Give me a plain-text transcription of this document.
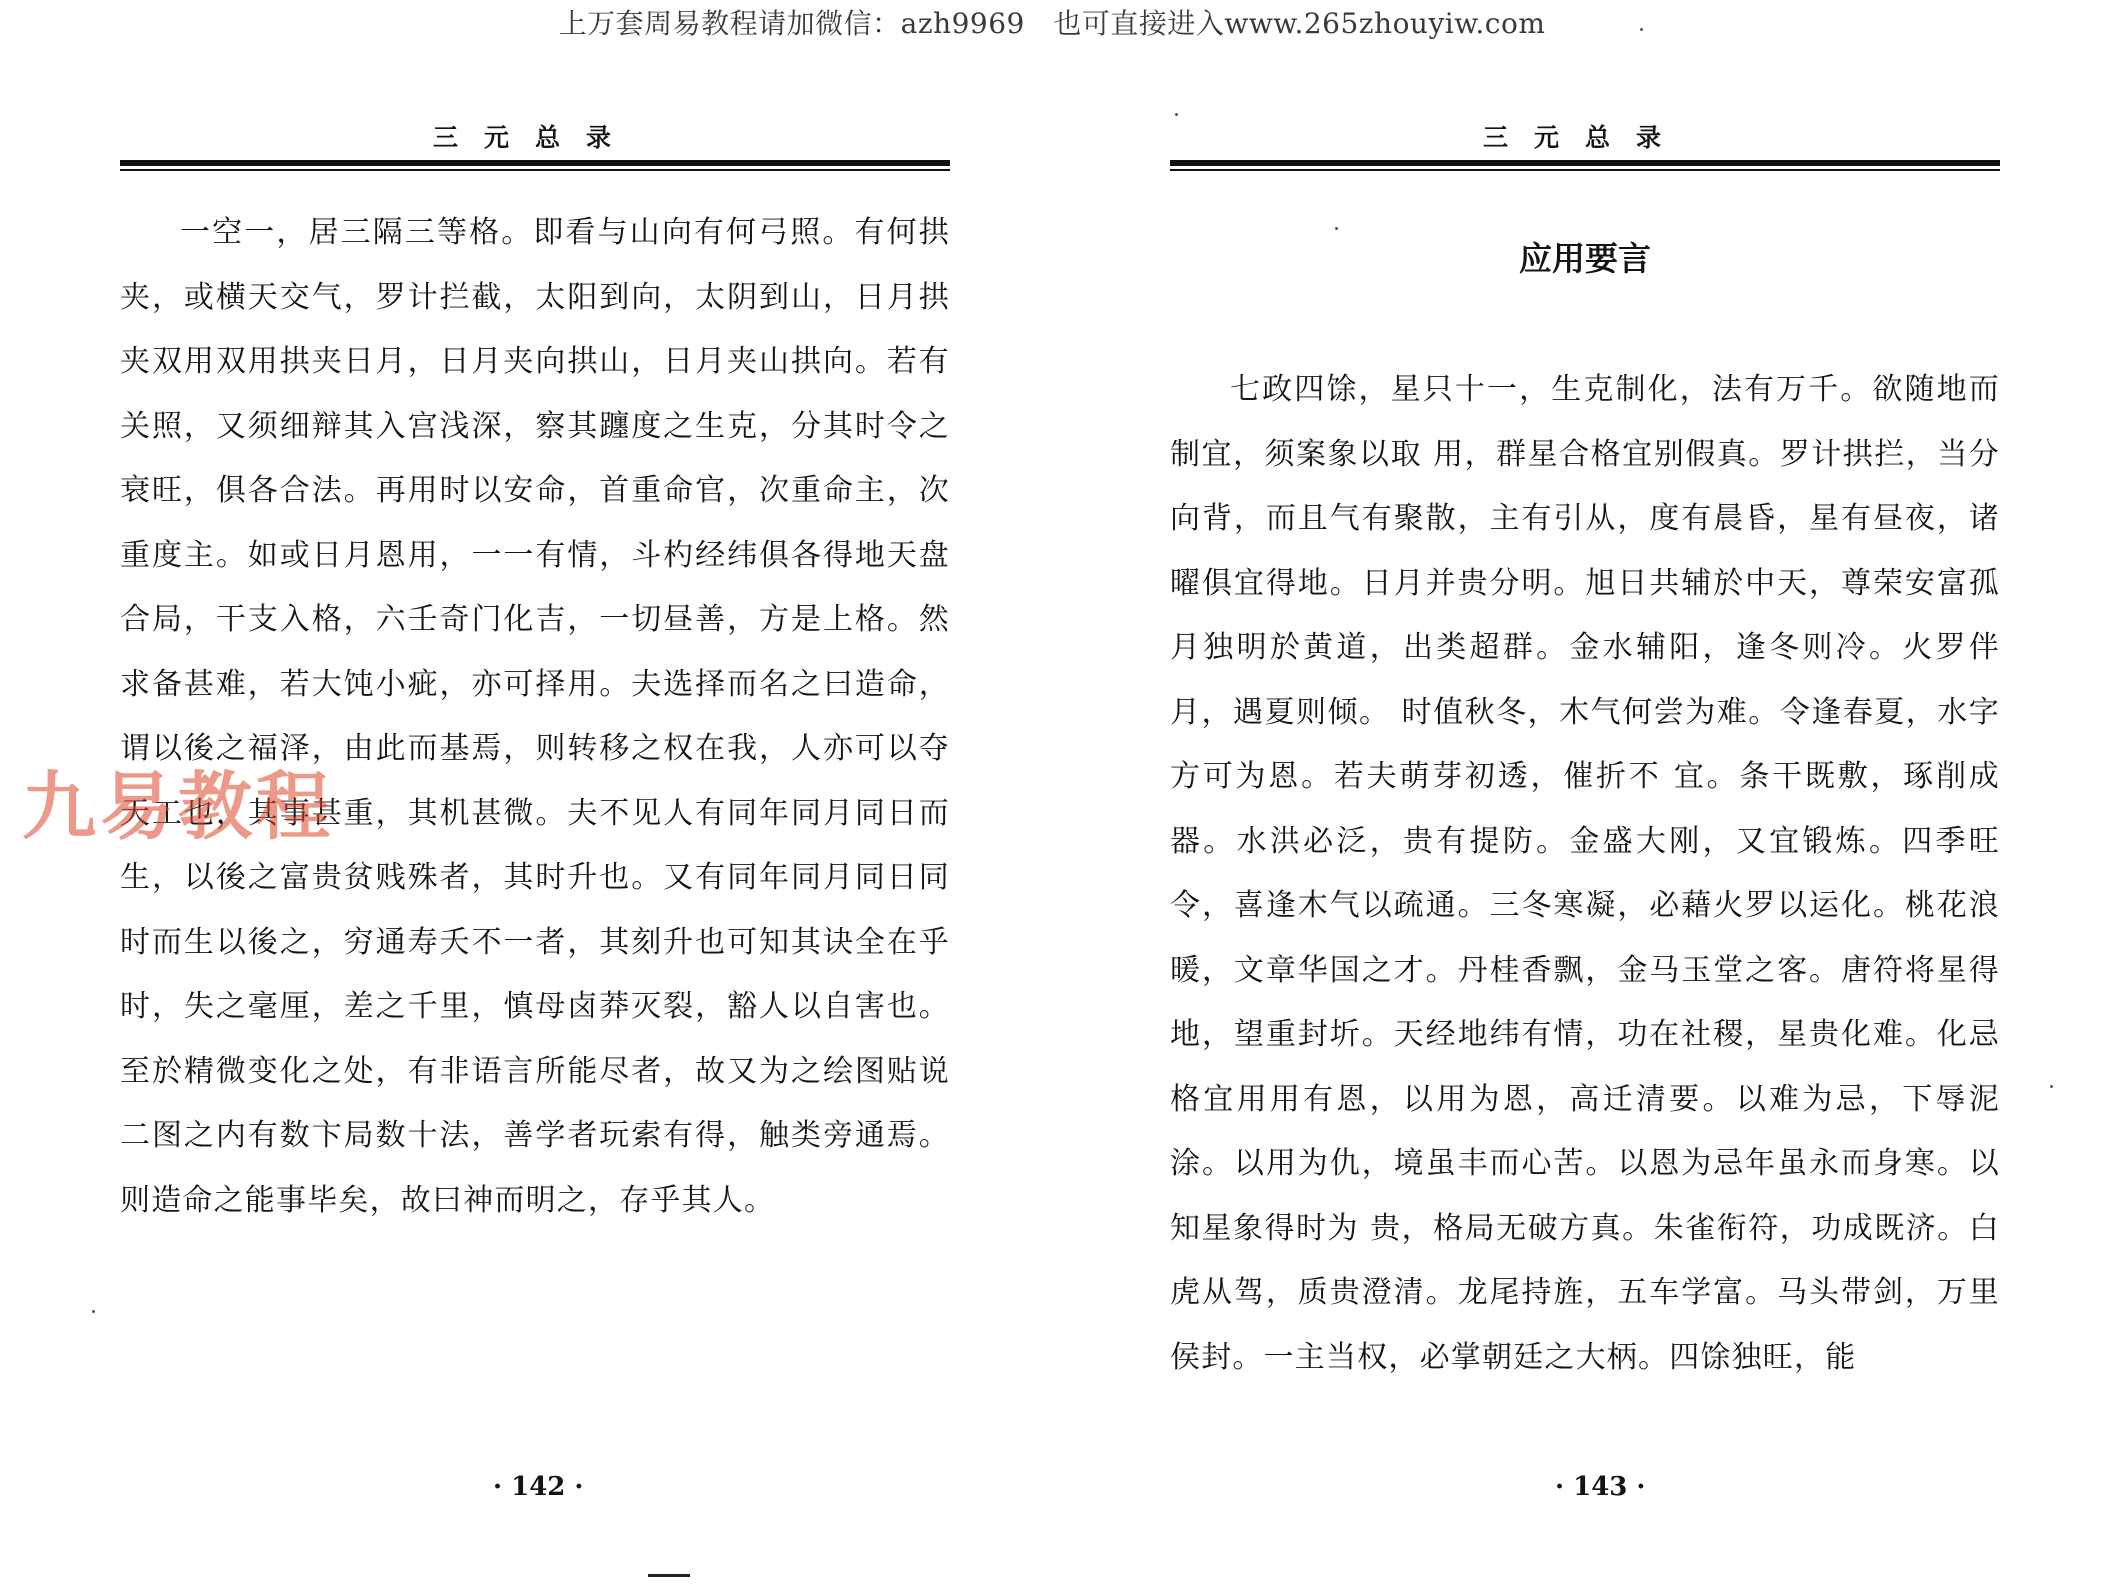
上万套周易教程请加微信：azh9969　也可直接进入www.265zhouyiw.com
三元总录
一空一，居三隔三等格。即看与山向有何弓照。有何拱夹，或横天交气，罗计拦截，太阳到向，太阴到山，日月拱夹双用双用拱夹日月，日月夹向拱山，日月夹山拱向。若有关照，又须细辩其入宫浅深，察其躔度之生克，分其时令之衰旺，俱各合法。再用时以安命，首重命官，次重命主，次重度主。如或日月恩用，一一有情，斗杓经纬俱各得地天盘合局，干支入格，六壬奇门化吉，一切昼善，方是上格。然求备甚难，若大饨小疵，亦可择用。夫选择而名之曰造命，谓以後之福泽，由此而基焉，则转移之权在我，人亦可以夺天工也，其事甚重，其机甚微。夫不见人有同年同月同日而生，以後之富贵贫贱殊者，其时升也。又有同年同月同日同时而生以後之，穷通寿夭不一者，其刻升也可知其诀全在乎时，失之毫厘，差之千里，慎母卤莽灭裂，豁人以自害也。至於精微变化之处，有非语言所能尽者，故又为之绘图贴说二图之内有数卞局数十法，善学者玩索有得，触类旁通焉。则造命之能事毕矣，故曰神而明之，存乎其人。
三元总录
应用要言
七政四馀，星只十一，生克制化，法有万千。欲随地而制宜，须案象以取 用，群星合格宜别假真。罗计拱拦，当分向背，而且气有聚散，主有引从，度有晨昏，星有昼夜，诸曜俱宜得地。日月并贵分明。旭日共辅於中天，尊荣安富孤月独明於黄道，出类超群。金水辅阳，逢冬则冷。火罗伴月，遇夏则倾。 时值秋冬，木气何尝为难。令逢春夏，水字方可为恩。若夫萌芽初透，催折不 宜。条干既敷，琢削成器。水洪必泛，贵有提防。金盛大刚，又宜锻炼。四季旺令，喜逢木气以疏通。三冬寒凝，必藉火罗以运化。桃花浪暖，文章华国之才。丹桂香飘，金马玉堂之客。唐符将星得地，望重封圻。天经地纬有情，功在社稷，星贵化难。化忌格宜用用有恩，以用为恩，高迁清要。以难为忌，下辱泥涂。以用为仇，境虽丰而心苦。以恩为忌年虽永而身寒。以知星象得时为 贵，格局无破方真。朱雀衔符，功成既济。白虎从驾，质贵澄清。龙尾持旌，五车学富。马头带剑，万里侯封。一主当权，必掌朝廷之大柄。四馀独旺，能
· 142 ·	· 143 ·
九易教程
